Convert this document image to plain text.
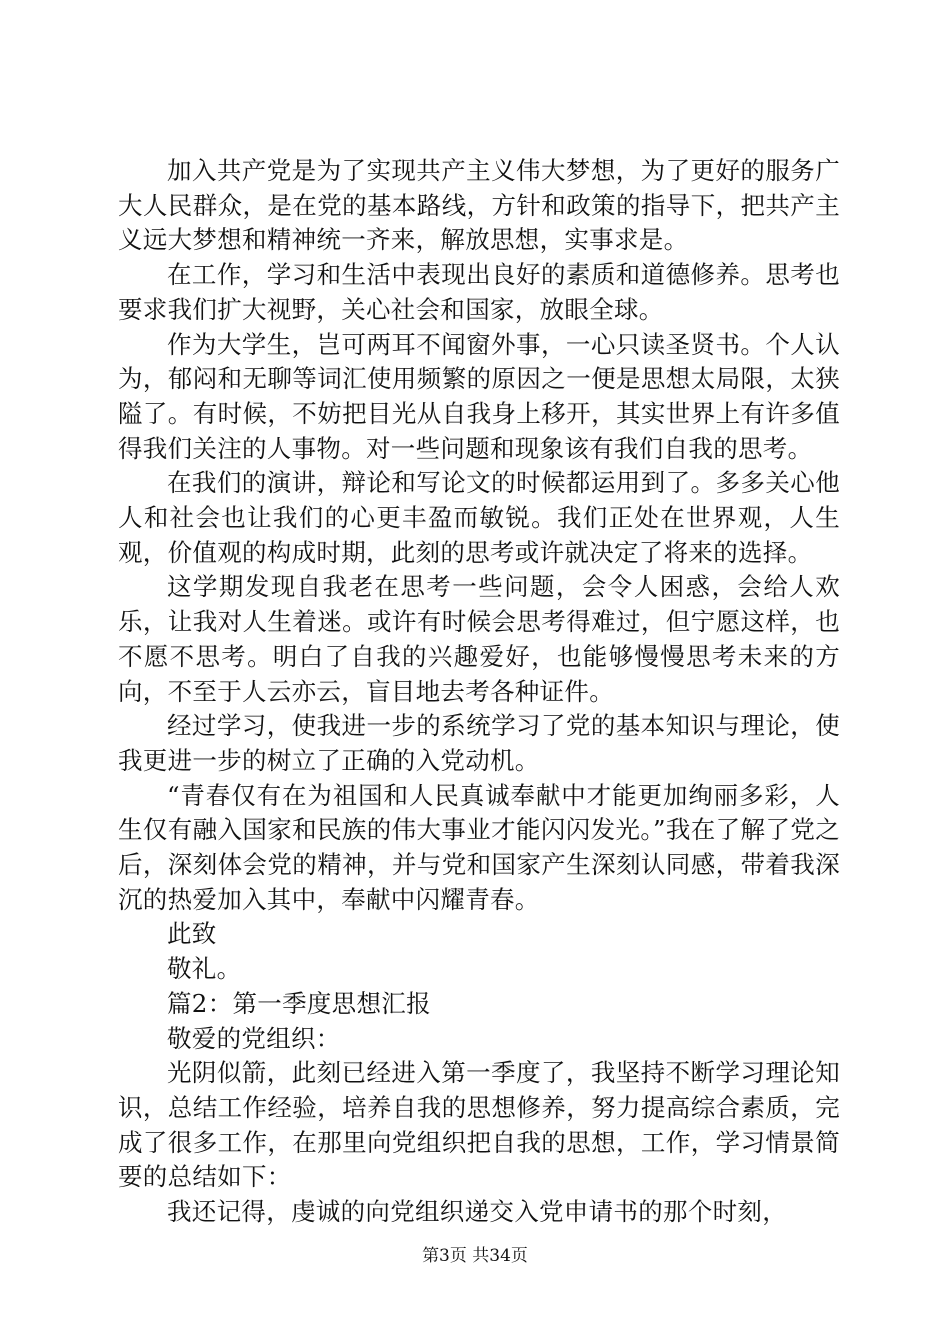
加入共产党是为了实现共产主义伟大梦想，为了更好的服务广大人民群众，是在党的基本路线，方针和政策的指导下，把共产主义远大梦想和精神统一齐来，解放思想，实事求是。

在工作，学习和生活中表现出良好的素质和道德修养。思考也要求我们扩大视野，关心社会和国家，放眼全球。

作为大学生，岂可两耳不闻窗外事，一心只读圣贤书。个人认为，郁闷和无聊等词汇使用频繁的原因之一便是思想太局限，太狭隘了。有时候，不妨把目光从自我身上移开，其实世界上有许多值得我们关注的人事物。对一些问题和现象该有我们自我的思考。

在我们的演讲，辩论和写论文的时候都运用到了。多多关心他人和社会也让我们的心更丰盈而敏锐。我们正处在世界观，人生观，价值观的构成时期，此刻的思考或许就决定了将来的选择。

这学期发现自我老在思考一些问题，会令人困惑，会给人欢乐，让我对人生着迷。或许有时候会思考得难过，但宁愿这样，也不愿不思考。明白了自我的兴趣爱好，也能够慢慢思考未来的方向，不至于人云亦云，盲目地去考各种证件。

经过学习，使我进一步的系统学习了党的基本知识与理论，使我更进一步的树立了正确的入党动机。

“青春仅有在为祖国和人民真诚奉献中才能更加绚丽多彩，人生仅有融入国家和民族的伟大事业才能闪闪发光。”我在了解了党之后，深刻体会党的精神，并与党和国家产生深刻认同感，带着我深沉的热爱加入其中，奉献中闪耀青春。

此致

敬礼。

篇2：第一季度思想汇报

敬爱的党组织：

光阴似箭，此刻已经进入第一季度了，我坚持不断学习理论知识，总结工作经验，培养自我的思想修养，努力提高综合素质，完成了很多工作，在那里向党组织把自我的思想，工作，学习情景简要的总结如下：

我还记得，虔诚的向党组织递交入党申请书的那个时刻，

第3页 共34页
